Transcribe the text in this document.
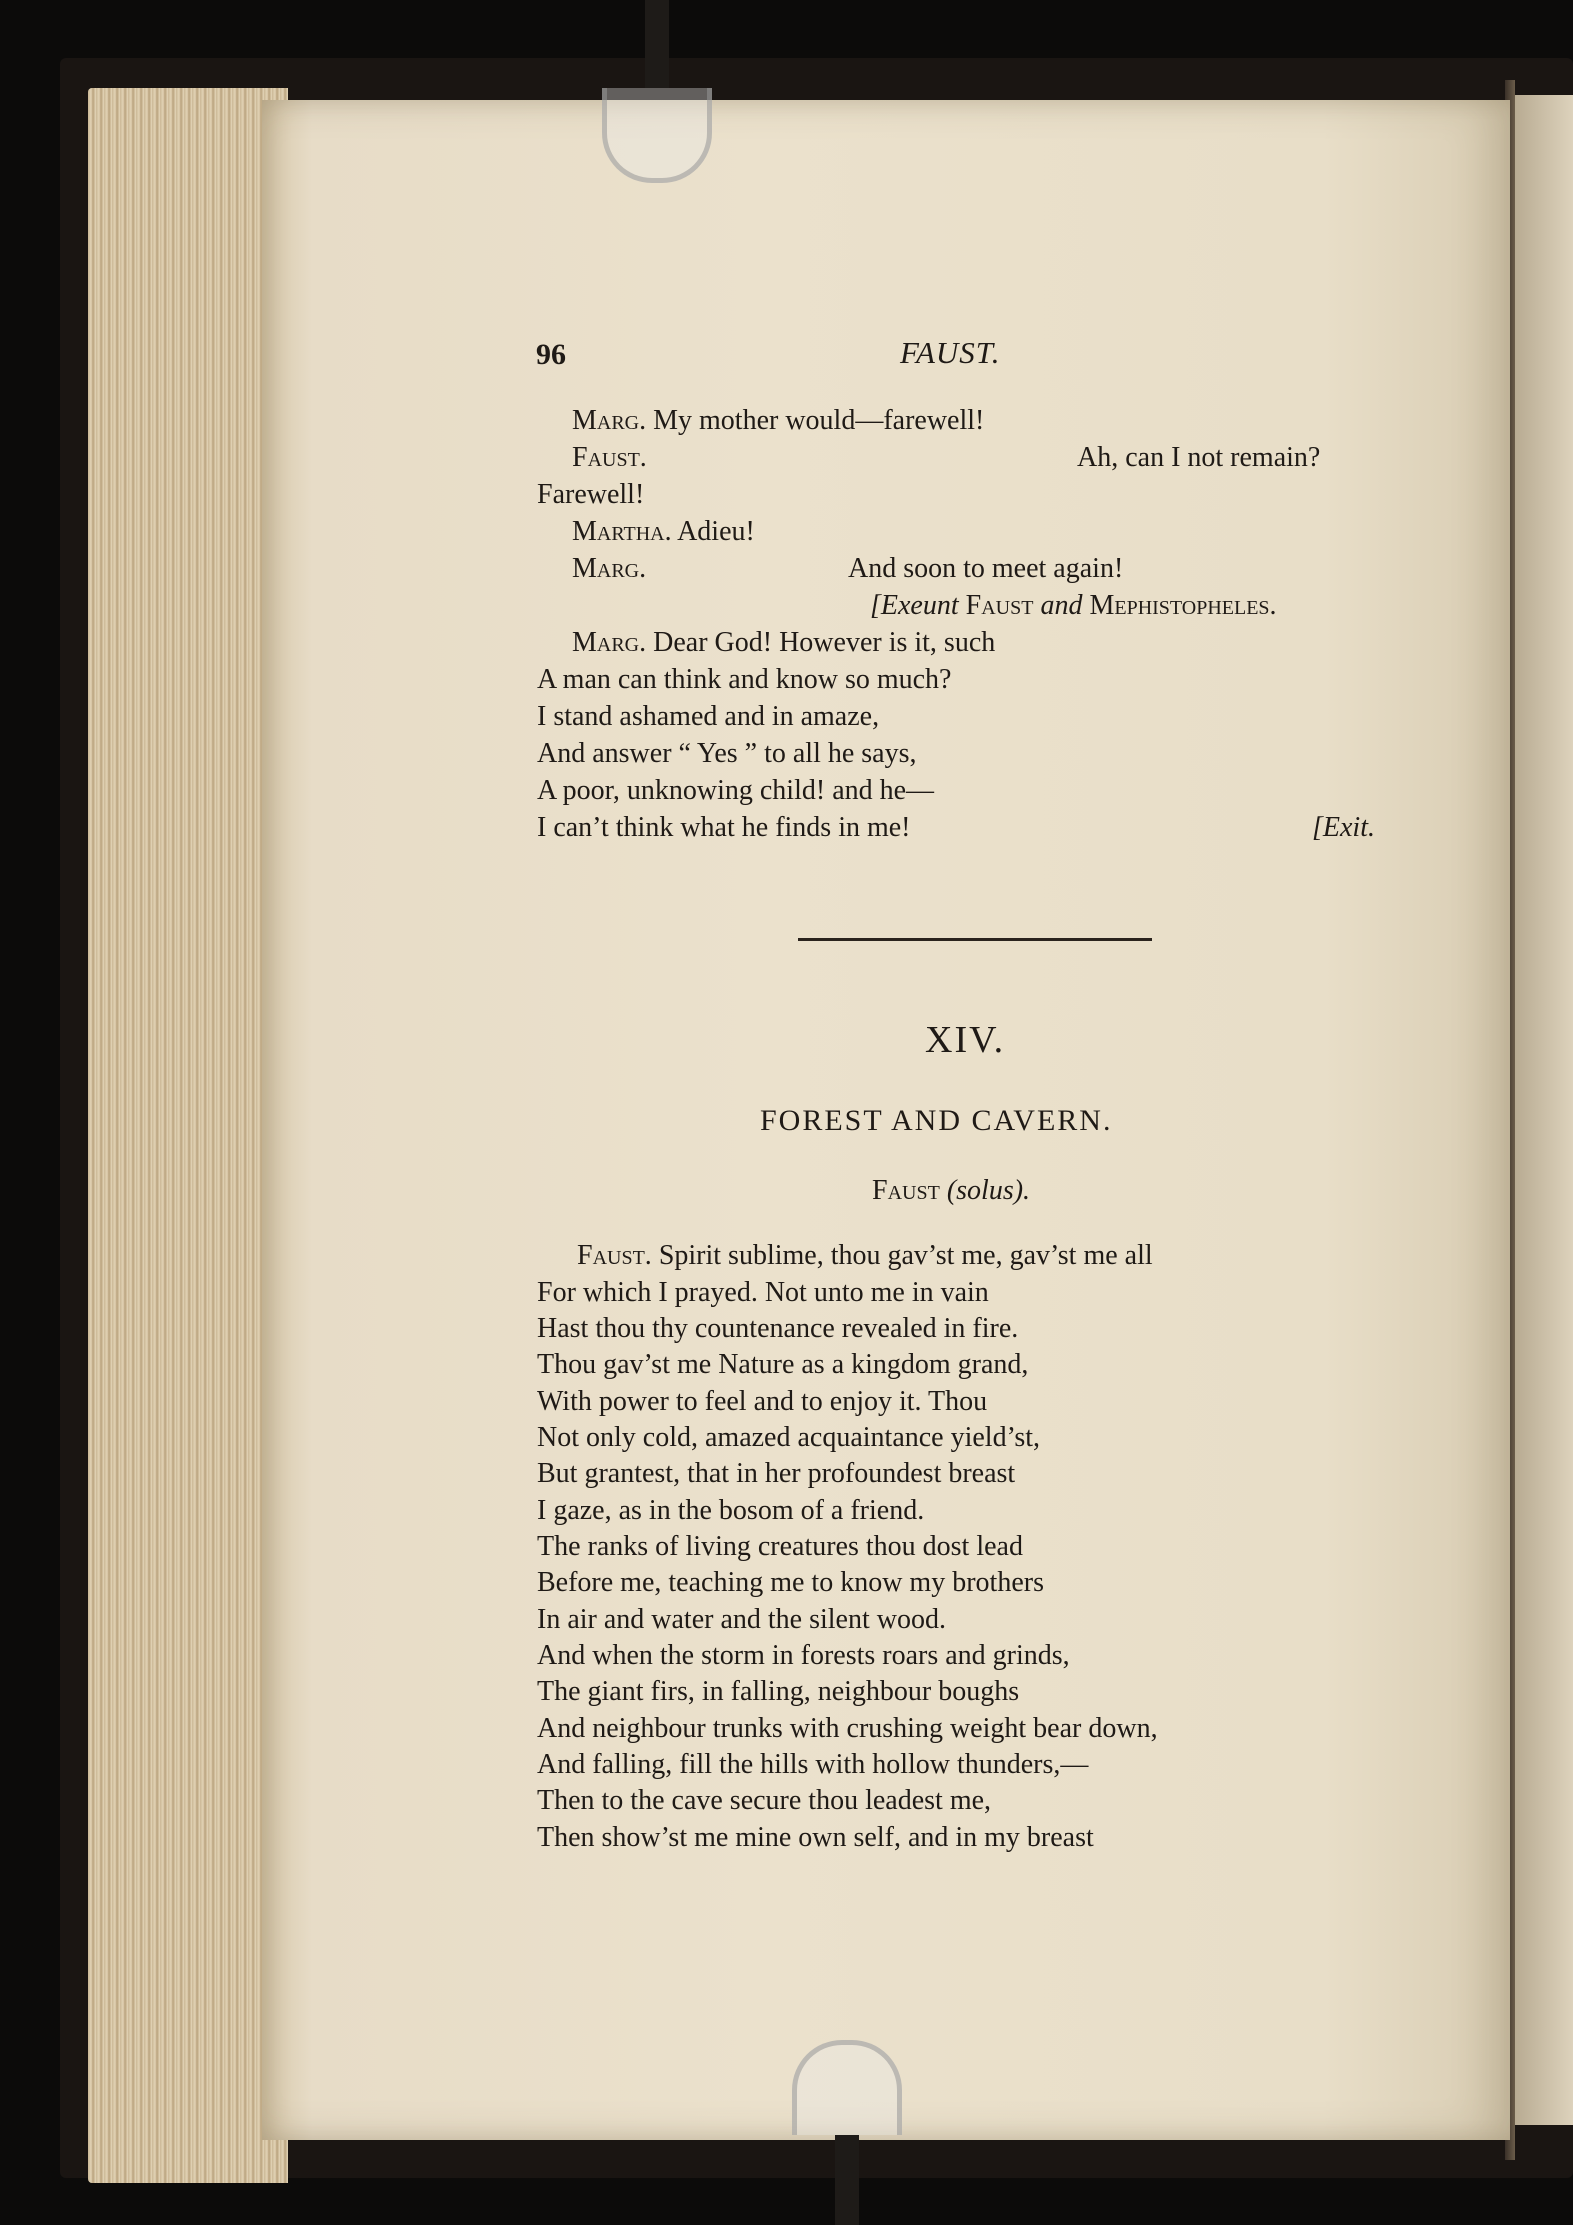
96	FAUST.
Marg. My mother would—farewell!
Faust.	Ah, can I not remain?
Farewell!
Martha. Adieu!
Marg.	And soon to meet again!
[Exeunt Faust and Mephistopheles.
Marg. Dear God! However is it, such
A man can think and know so much?
I stand ashamed and in amaze,
And answer “ Yes ” to all he says,
A poor, unknowing child! and he—
I can’t think what he finds in me!	[Exit.
XIV.
FOREST AND CAVERN.
Faust (solus).
Faust. Spirit sublime, thou gav’st me, gav’st me all
For which I prayed. Not unto me in vain
Hast thou thy countenance revealed in fire.
Thou gav’st me Nature as a kingdom grand,
With power to feel and to enjoy it. Thou
Not only cold, amazed acquaintance yield’st,
But grantest, that in her profoundest breast
I gaze, as in the bosom of a friend.
The ranks of living creatures thou dost lead
Before me, teaching me to know my brothers
In air and water and the silent wood.
And when the storm in forests roars and grinds,
The giant firs, in falling, neighbour boughs
And neighbour trunks with crushing weight bear down,
And falling, fill the hills with hollow thunders,—
Then to the cave secure thou leadest me,
Then show’st me mine own self, and in my breast
